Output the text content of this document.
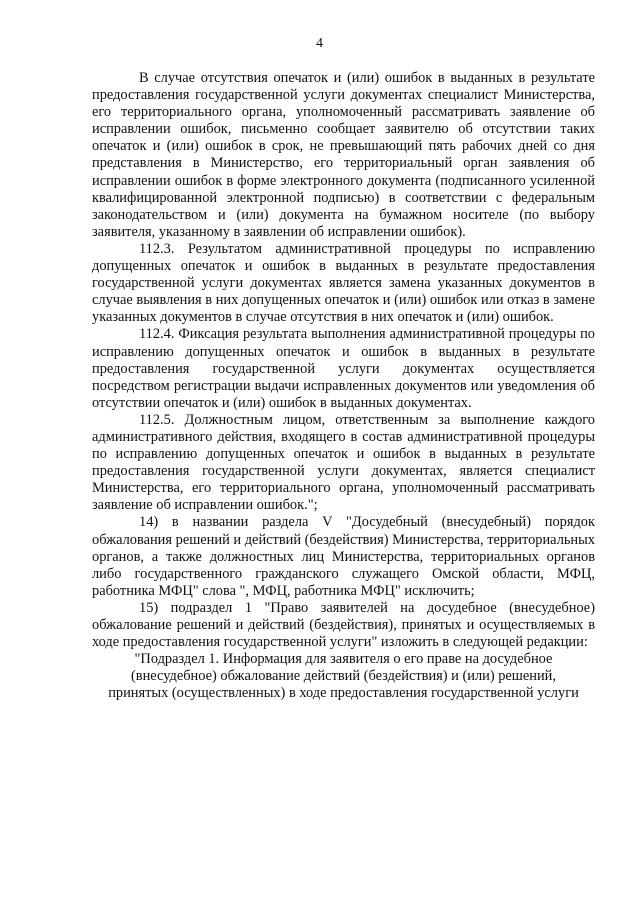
4

В случае отсутствия опечаток и (или) ошибок в выданных в результате предоставления государственной услуги документах специалист Министерства, его территориального органа, уполномоченный рассматривать заявление об исправлении ошибок, письменно сообщает заявителю об отсутствии таких опечаток и (или) ошибок в срок, не превышающий пять рабочих дней со дня представления в Министерство, его территориальный орган заявления об исправлении ошибок в форме электронного документа (подписанного усиленной квалифицированной электронной подписью) в соответствии с федеральным законодательством и (или) документа на бумажном носителе (по выбору заявителя, указанному в заявлении об исправлении ошибок).

112.3. Результатом административной процедуры по исправлению допущенных опечаток и ошибок в выданных в результате предоставления государственной услуги документах является замена указанных документов в случае выявления в них допущенных опечаток и (или) ошибок или отказ в замене указанных документов в случае отсутствия в них опечаток и (или) ошибок.

112.4. Фиксация результата выполнения административной процедуры по исправлению допущенных опечаток и ошибок в выданных в результате предоставления государственной услуги документах осуществляется посредством регистрации выдачи исправленных документов или уведомления об отсутствии опечаток и (или) ошибок в выданных документах.

112.5. Должностным лицом, ответственным за выполнение каждого административного действия, входящего в состав административной процедуры по исправлению допущенных опечаток и ошибок в выданных в результате предоставления государственной услуги документах, является специалист Министерства, его территориального органа, уполномоченный рассматривать заявление об исправлении ошибок.";

14) в названии раздела V "Досудебный (внесудебный) порядок обжалования решений и действий (бездействия) Министерства, территориальных органов, а также должностных лиц Министерства, территориальных органов либо государственного гражданского служащего Омской области, МФЦ, работника МФЦ" слова ", МФЦ, работника МФЦ" исключить;

15) подраздел 1 "Право заявителей на досудебное (внесудебное) обжалование решений и действий (бездействия), принятых и осуществляемых в ходе предоставления государственной услуги" изложить в следующей редакции:

"Подраздел 1. Информация для заявителя о его праве на досудебное (внесудебное) обжалование действий (бездействия) и (или) решений, принятых (осуществленных) в ходе предоставления государственной услуги
